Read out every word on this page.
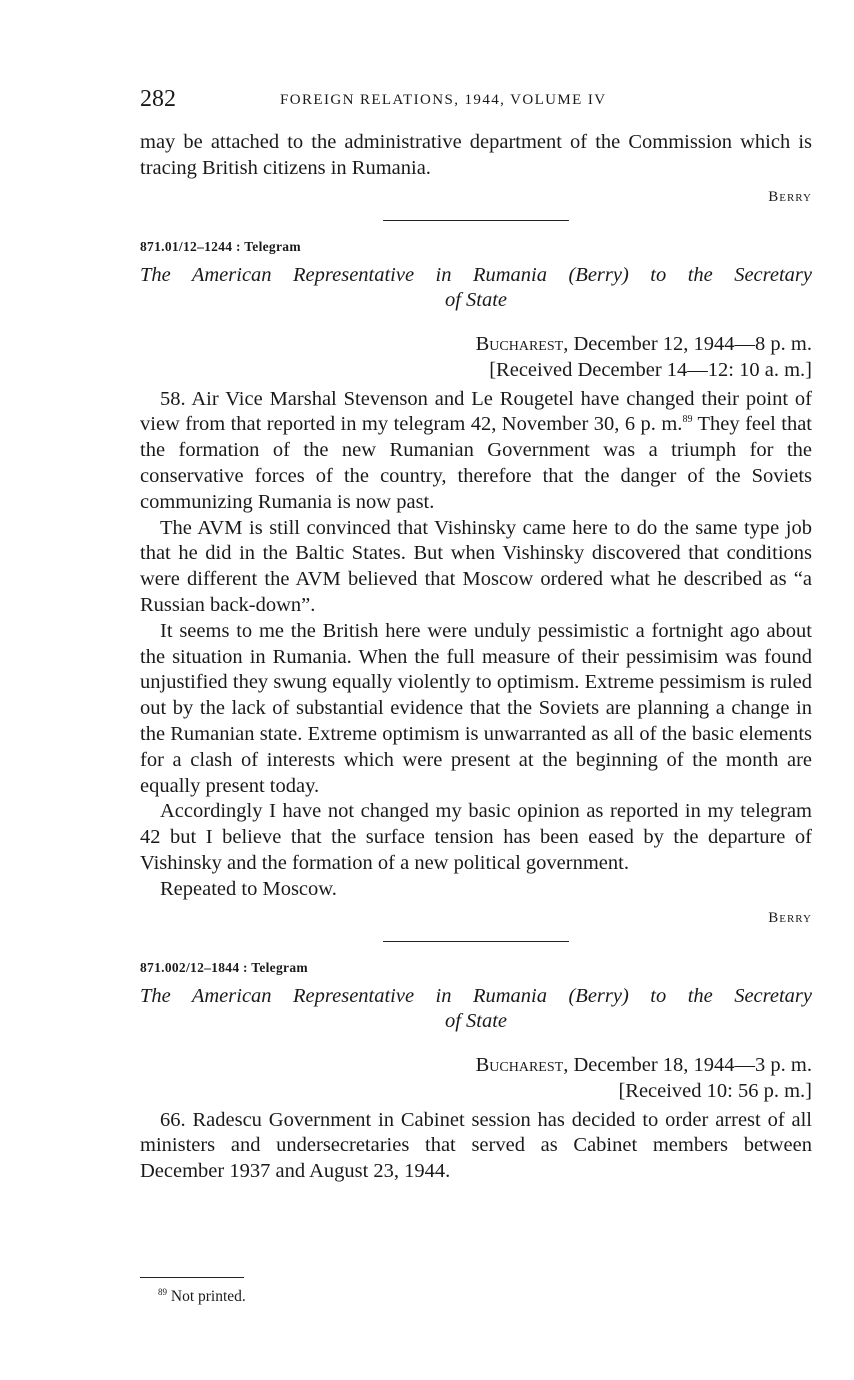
282	FOREIGN RELATIONS, 1944, VOLUME IV

may be attached to the administrative department of the Commission which is tracing British citizens in Rumania.

Berry
871.01/12–1244 : Telegram
The American Representative in Rumania (Berry) to the Secretary
of State
Bucharest, December 12, 1944—8 p. m.
[Received December 14—12: 10 a. m.]

58. Air Vice Marshal Stevenson and Le Rougetel have changed their point of view from that reported in my telegram 42, November 30, 6 p. m.$^{89}$ They feel that the formation of the new Rumanian Government was a triumph for the conservative forces of the country, therefore that the danger of the Soviets communizing Rumania is now past.

The AVM is still convinced that Vishinsky came here to do the same type job that he did in the Baltic States. But when Vishinsky discovered that conditions were different the AVM believed that Moscow ordered what he described as “a Russian back-down”.

It seems to me the British here were unduly pessimistic a fortnight ago about the situation in Rumania. When the full measure of their pessimisim was found unjustified they swung equally violently to optimism. Extreme pessimism is ruled out by the lack of substantial evidence that the Soviets are planning a change in the Rumanian state. Extreme optimism is unwarranted as all of the basic elements for a clash of interests which were present at the beginning of the month are equally present today.

Accordingly I have not changed my basic opinion as reported in my telegram 42 but I believe that the surface tension has been eased by the departure of Vishinsky and the formation of a new political government.

Repeated to Moscow.

Berry
871.002/12–1844 : Telegram
The American Representative in Rumania (Berry) to the Secretary
of State
Bucharest, December 18, 1944—3 p. m.
[Received 10: 56 p. m.]

66. Radescu Government in Cabinet session has decided to order arrest of all ministers and undersecretaries that served as Cabinet members between December 1937 and August 23, 1944.

$^{89}$ Not printed.
